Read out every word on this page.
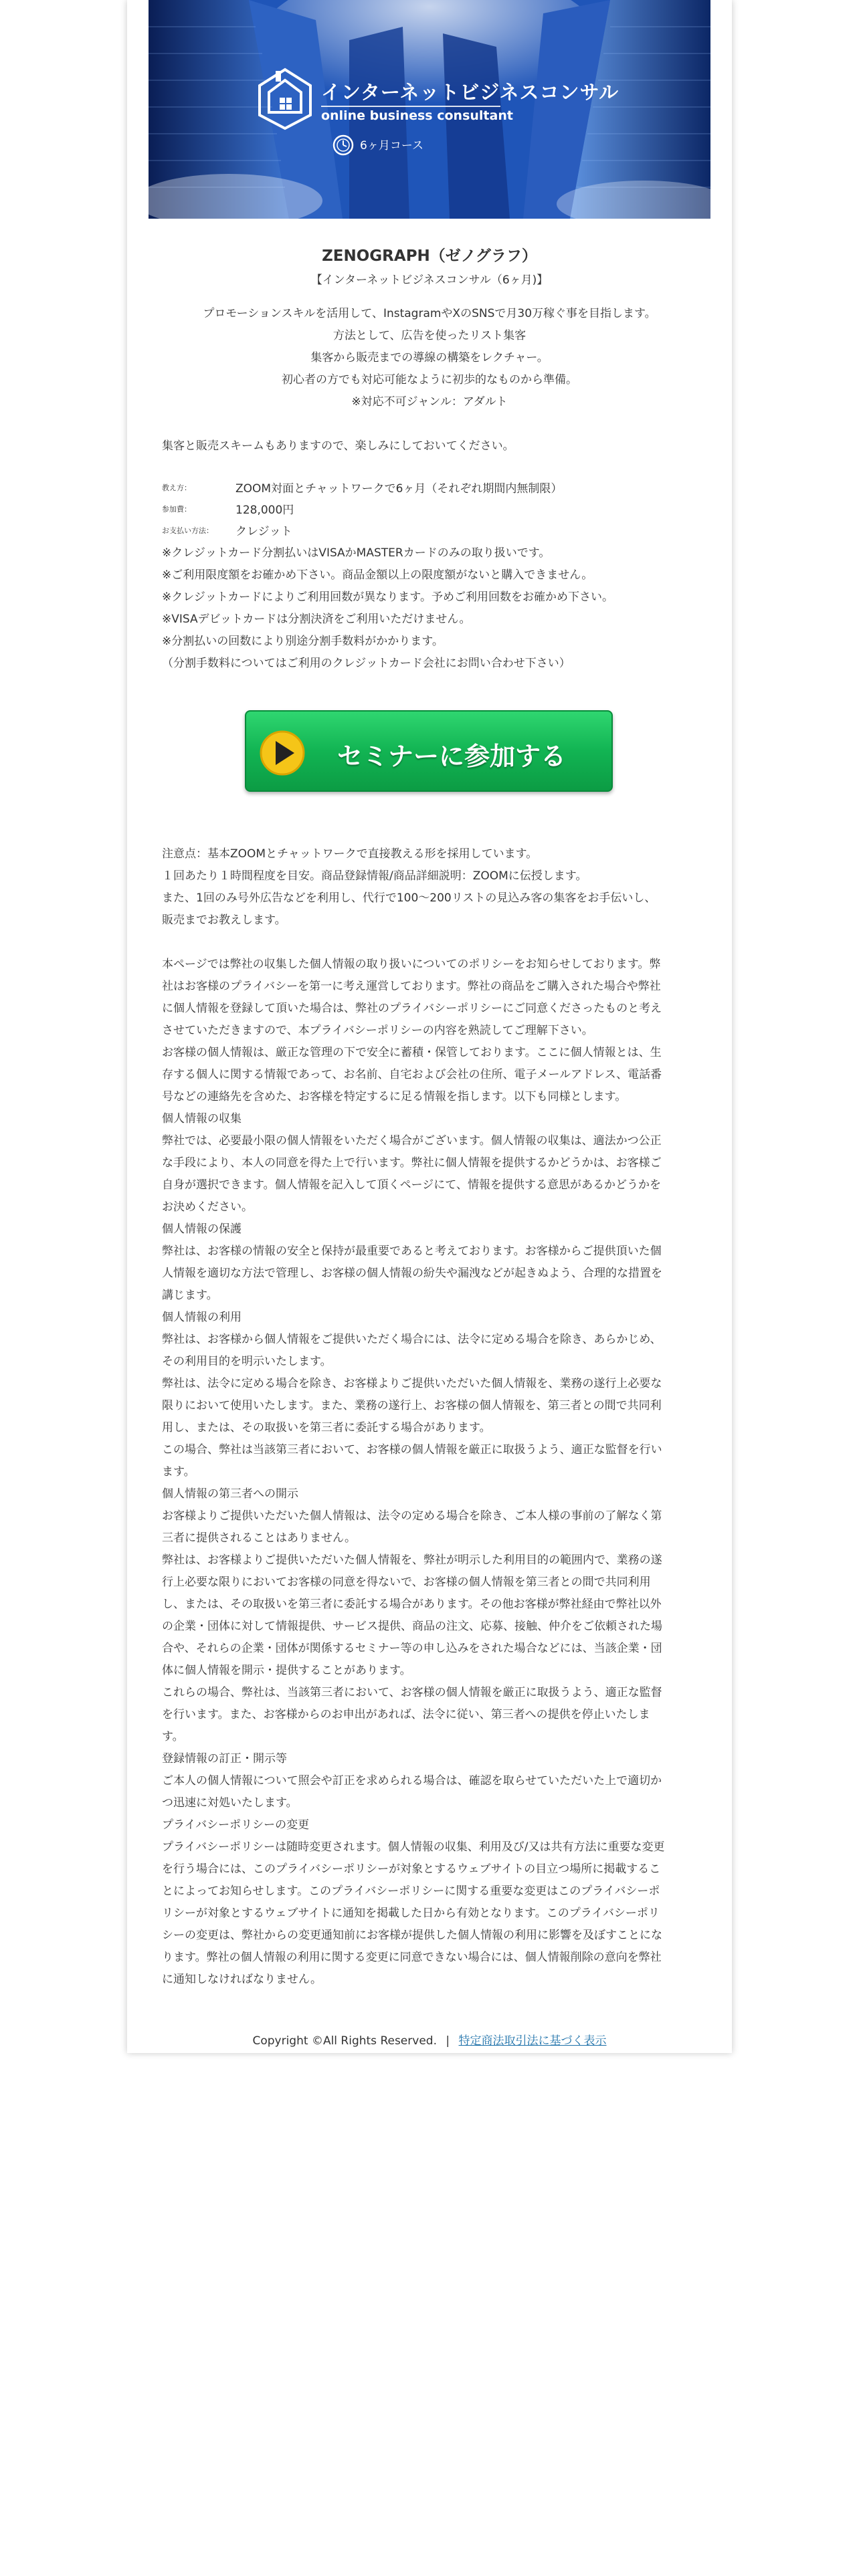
インターネットビジネスコンサル
online business consultant
6ヶ月コース
ZENOGRAPH（ゼノグラフ）
【インターネットビジネスコンサル（6ヶ月)】
プロモーションスキルを活用して、InstagramやXのSNSで月30万稼ぐ事を目指します。
方法として、広告を使ったリスト集客
集客から販売までの導線の構築をレクチャー。
初心者の方でも対応可能なように初歩的なものから準備。
※対応不可ジャンル：アダルト
集客と販売スキームもありますので、楽しみにしておいてください。
教え方：	ZOOM対面とチャットワークで6ヶ月（それぞれ期間内無制限）
参加費：	128,000円
お支払い方法： クレジット
※クレジットカード分割払いはVISAかMASTERカードのみの取り扱いです。
※ご利用限度額をお確かめ下さい。商品金額以上の限度額がないと購入できません。
※クレジットカードによりご利用回数が異なります。予めご利用回数をお確かめ下さい。
※VISAデビットカードは分割決済をご利用いただけません。
※分割払いの回数により別途分割手数料がかかります。
（分割手数料についてはご利用のクレジットカード会社にお問い合わせ下さい）
セミナーに参加する
注意点：基本ZOOMとチャットワークで直接教える形を採用しています。
１回あたり１時間程度を目安。商品登録情報/商品詳細説明：ZOOMに伝授します。
また、1回のみ号外広告などを利用し、代行で100〜200リストの見込み客の集客をお手伝いし、
販売までお教えします。
本ページでは弊社の収集した個人情報の取り扱いについてのポリシーをお知らせしております。弊
社はお客様のプライバシーを第一に考え運営しております。弊社の商品をご購入された場合や弊社
に個人情報を登録して頂いた場合は、弊社のプライバシーポリシーにご同意くださったものと考え
させていただきますので、本プライバシーポリシーの内容を熟読してご理解下さい。
お客様の個人情報は、厳正な管理の下で安全に蓄積・保管しております。ここに個人情報とは、生
存する個人に関する情報であって、お名前、自宅および会社の住所、電子メールアドレス、電話番
号などの連絡先を含めた、お客様を特定するに足る情報を指します。以下も同様とします。
個人情報の収集
弊社では、必要最小限の個人情報をいただく場合がございます。個人情報の収集は、適法かつ公正
な手段により、本人の同意を得た上で行います。弊社に個人情報を提供するかどうかは、お客様ご
自身が選択できます。個人情報を記入して頂くページにて、情報を提供する意思があるかどうかを
お決めください。
個人情報の保護
弊社は、お客様の情報の安全と保持が最重要であると考えております。お客様からご提供頂いた個
人情報を適切な方法で管理し、お客様の個人情報の紛失や漏洩などが起きぬよう、合理的な措置を
講じます。
個人情報の利用
弊社は、お客様から個人情報をご提供いただく場合には、法令に定める場合を除き、あらかじめ、
その利用目的を明示いたします。
弊社は、法令に定める場合を除き、お客様よりご提供いただいた個人情報を、業務の遂行上必要な
限りにおいて使用いたします。また、業務の遂行上、お客様の個人情報を、第三者との間で共同利
用し、または、その取扱いを第三者に委託する場合があります。
この場合、弊社は当該第三者において、お客様の個人情報を厳正に取扱うよう、適正な監督を行い
ます。
個人情報の第三者への開示
お客様よりご提供いただいた個人情報は、法令の定める場合を除き、ご本人様の事前の了解なく第
三者に提供されることはありません。
弊社は、お客様よりご提供いただいた個人情報を、弊社が明示した利用目的の範囲内で、業務の遂
行上必要な限りにおいてお客様の同意を得ないで、お客様の個人情報を第三者との間で共同利用
し、または、その取扱いを第三者に委託する場合があります。その他お客様が弊社経由で弊社以外
の企業・団体に対して情報提供、サービス提供、商品の注文、応募、接触、仲介をご依頼された場
合や、それらの企業・団体が関係するセミナー等の申し込みをされた場合などには、当該企業・団
体に個人情報を開示・提供することがあります。
これらの場合、弊社は、当該第三者において、お客様の個人情報を厳正に取扱うよう、適正な監督
を行います。また、お客様からのお申出があれば、法令に従い、第三者への提供を停止いたしま
す。
登録情報の訂正・開示等
ご本人の個人情報について照会や訂正を求められる場合は、確認を取らせていただいた上で適切か
つ迅速に対処いたします。
プライバシーポリシーの変更
プライバシーポリシーは随時変更されます。個人情報の収集、利用及び/又は共有方法に重要な変更
を行う場合には、このプライバシーポリシーが対象とするウェブサイトの目立つ場所に掲載するこ
とによってお知らせします。このプライバシーポリシーに関する重要な変更はこのプライバシーポ
リシーが対象とするウェブサイトに通知を掲載した日から有効となります。このプライバシーポリ
シーの変更は、弊社からの変更通知前にお客様が提供した個人情報の利用に影響を及ぼすことにな
ります。弊社の個人情報の利用に関する変更に同意できない場合には、個人情報削除の意向を弊社
に通知しなければなりません。
Copyright ©All Rights Reserved. | 特定商法取引法に基づく表示
